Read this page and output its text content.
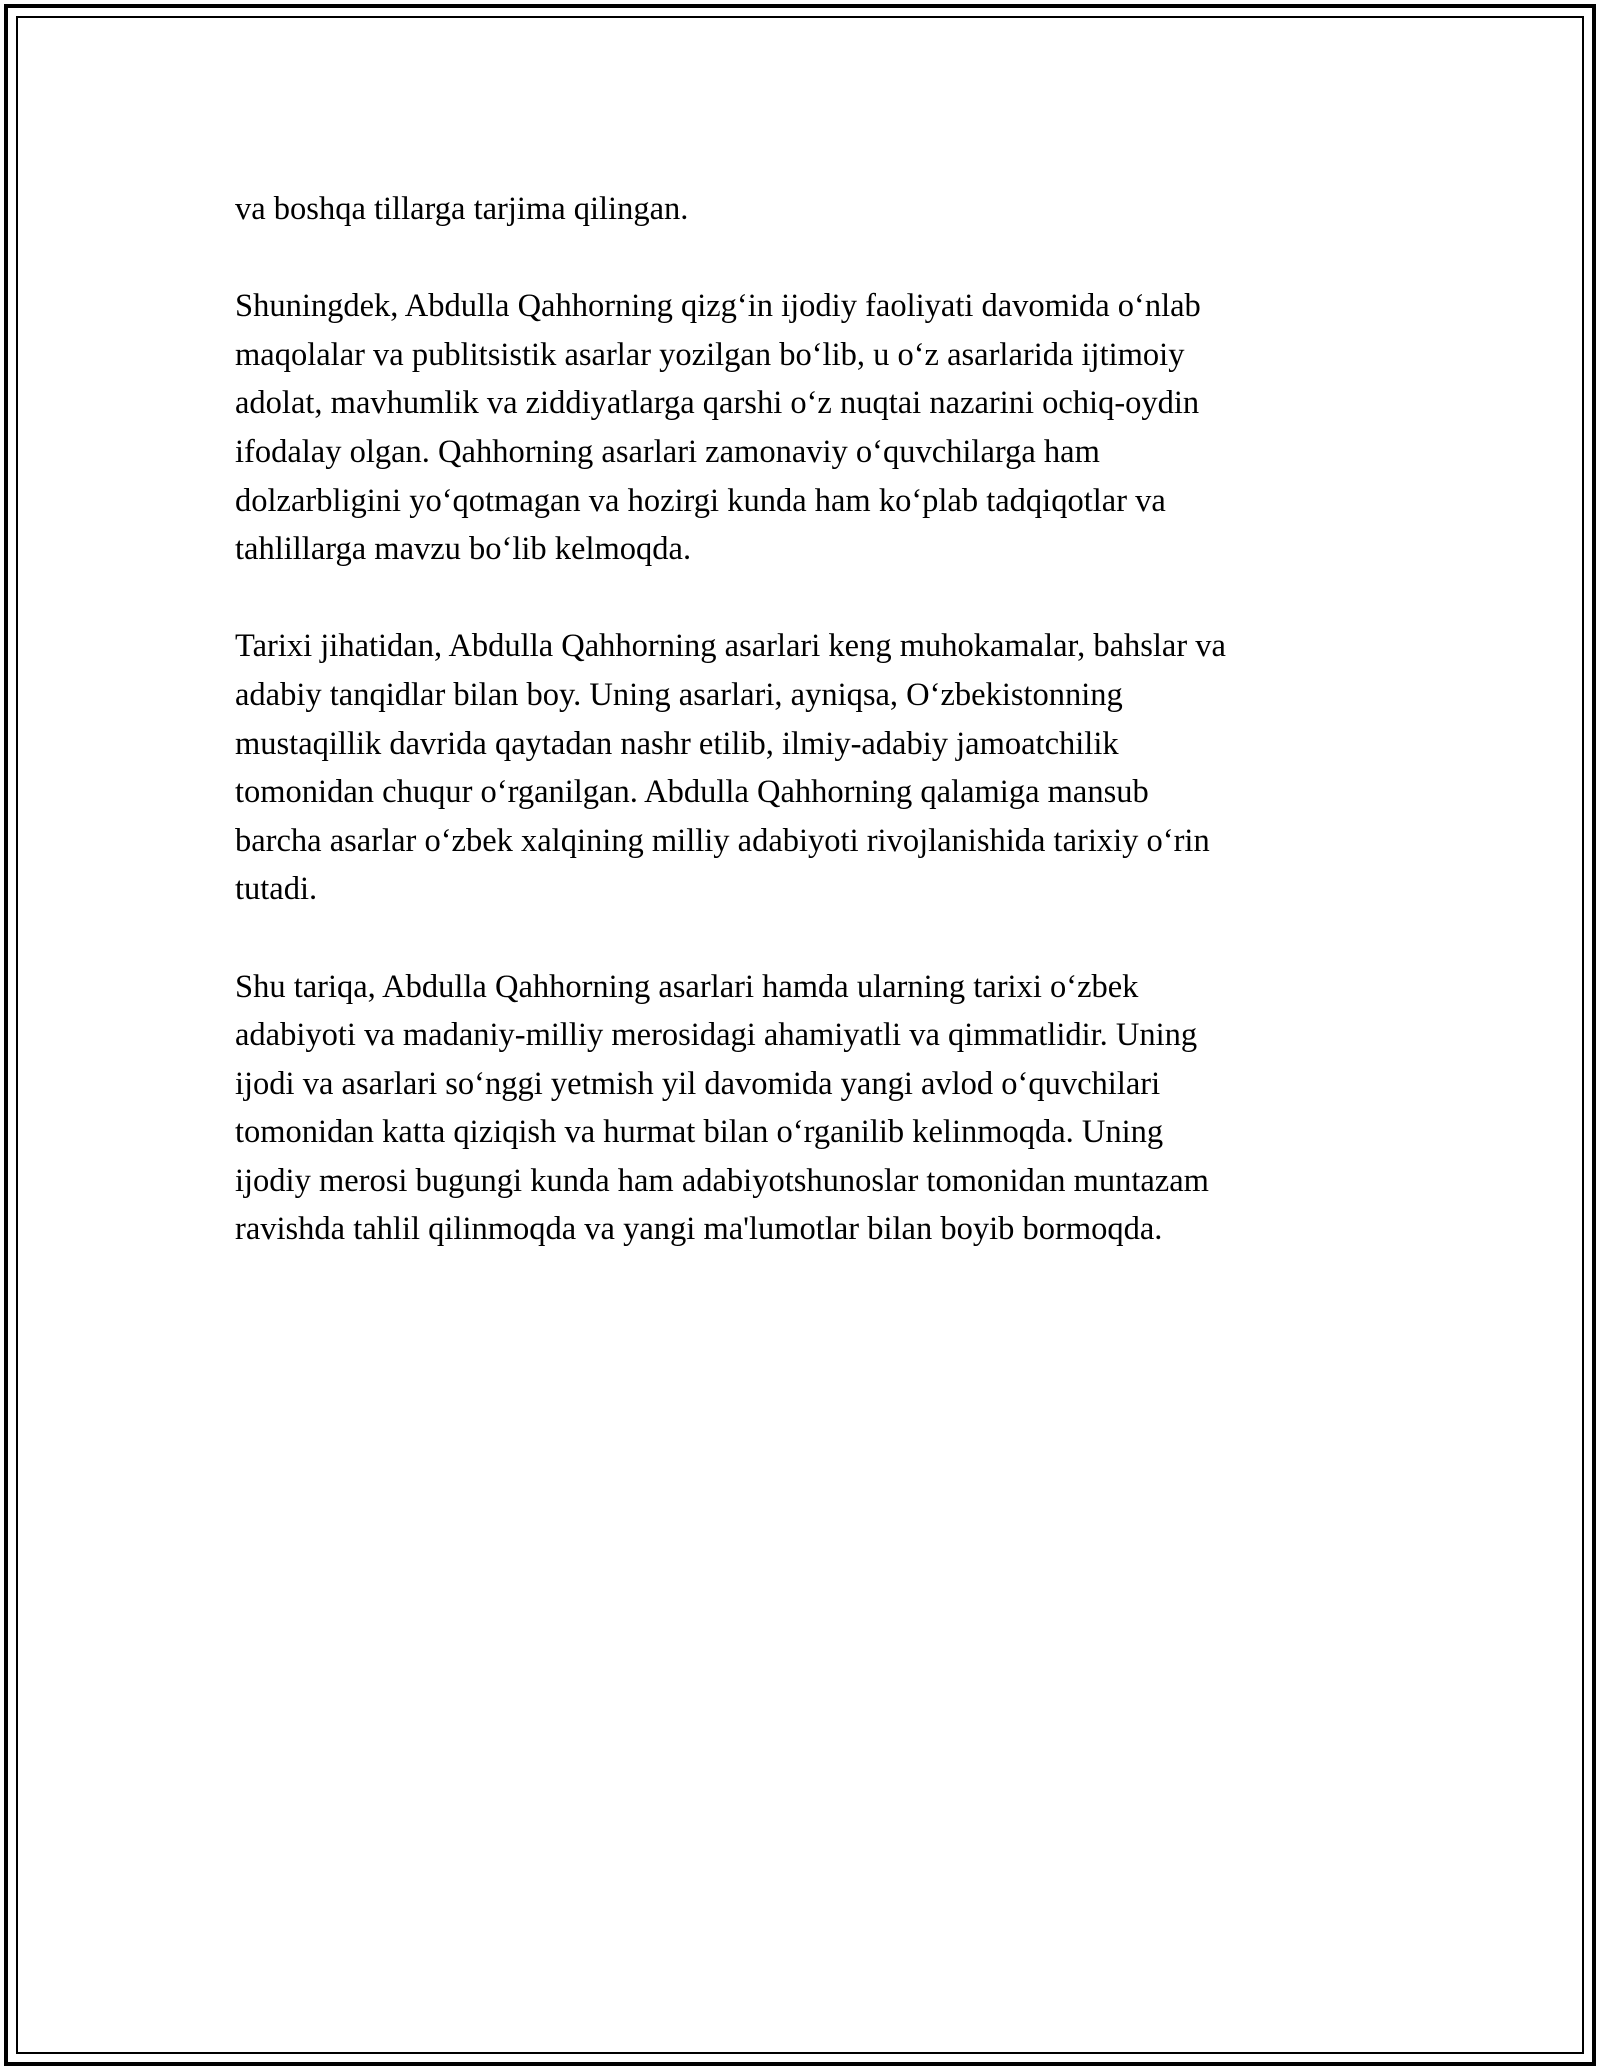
va boshqa tillarga tarjima qilingan.

Shuningdek, Abdulla Qahhorning qizg‘in ijodiy faoliyati davomida o‘nlab
maqolalar va publitsistik asarlar yozilgan bo‘lib, u o‘z asarlarida ijtimoiy
adolat, mavhumlik va ziddiyatlarga qarshi o‘z nuqtai nazarini ochiq-oydin
ifodalay olgan. Qahhorning asarlari zamonaviy o‘quvchilarga ham
dolzarbligini yo‘qotmagan va hozirgi kunda ham ko‘plab tadqiqotlar va
tahlillarga mavzu bo‘lib kelmoqda.

Tarixi jihatidan, Abdulla Qahhorning asarlari keng muhokamalar, bahslar va
adabiy tanqidlar bilan boy. Uning asarlari, ayniqsa, O‘zbekistonning
mustaqillik davrida qaytadan nashr etilib, ilmiy-adabiy jamoatchilik
tomonidan chuqur o‘rganilgan. Abdulla Qahhorning qalamiga mansub
barcha asarlar o‘zbek xalqining milliy adabiyoti rivojlanishida tarixiy o‘rin
tutadi.

Shu tariqa, Abdulla Qahhorning asarlari hamda ularning tarixi o‘zbek
adabiyoti va madaniy-milliy merosidagi ahamiyatli va qimmatlidir. Uning
ijodi va asarlari so‘nggi yetmish yil davomida yangi avlod o‘quvchilari
tomonidan katta qiziqish va hurmat bilan o‘rganilib kelinmoqda. Uning
ijodiy merosi bugungi kunda ham adabiyotshunoslar tomonidan muntazam
ravishda tahlil qilinmoqda va yangi ma'lumotlar bilan boyib bormoqda.
